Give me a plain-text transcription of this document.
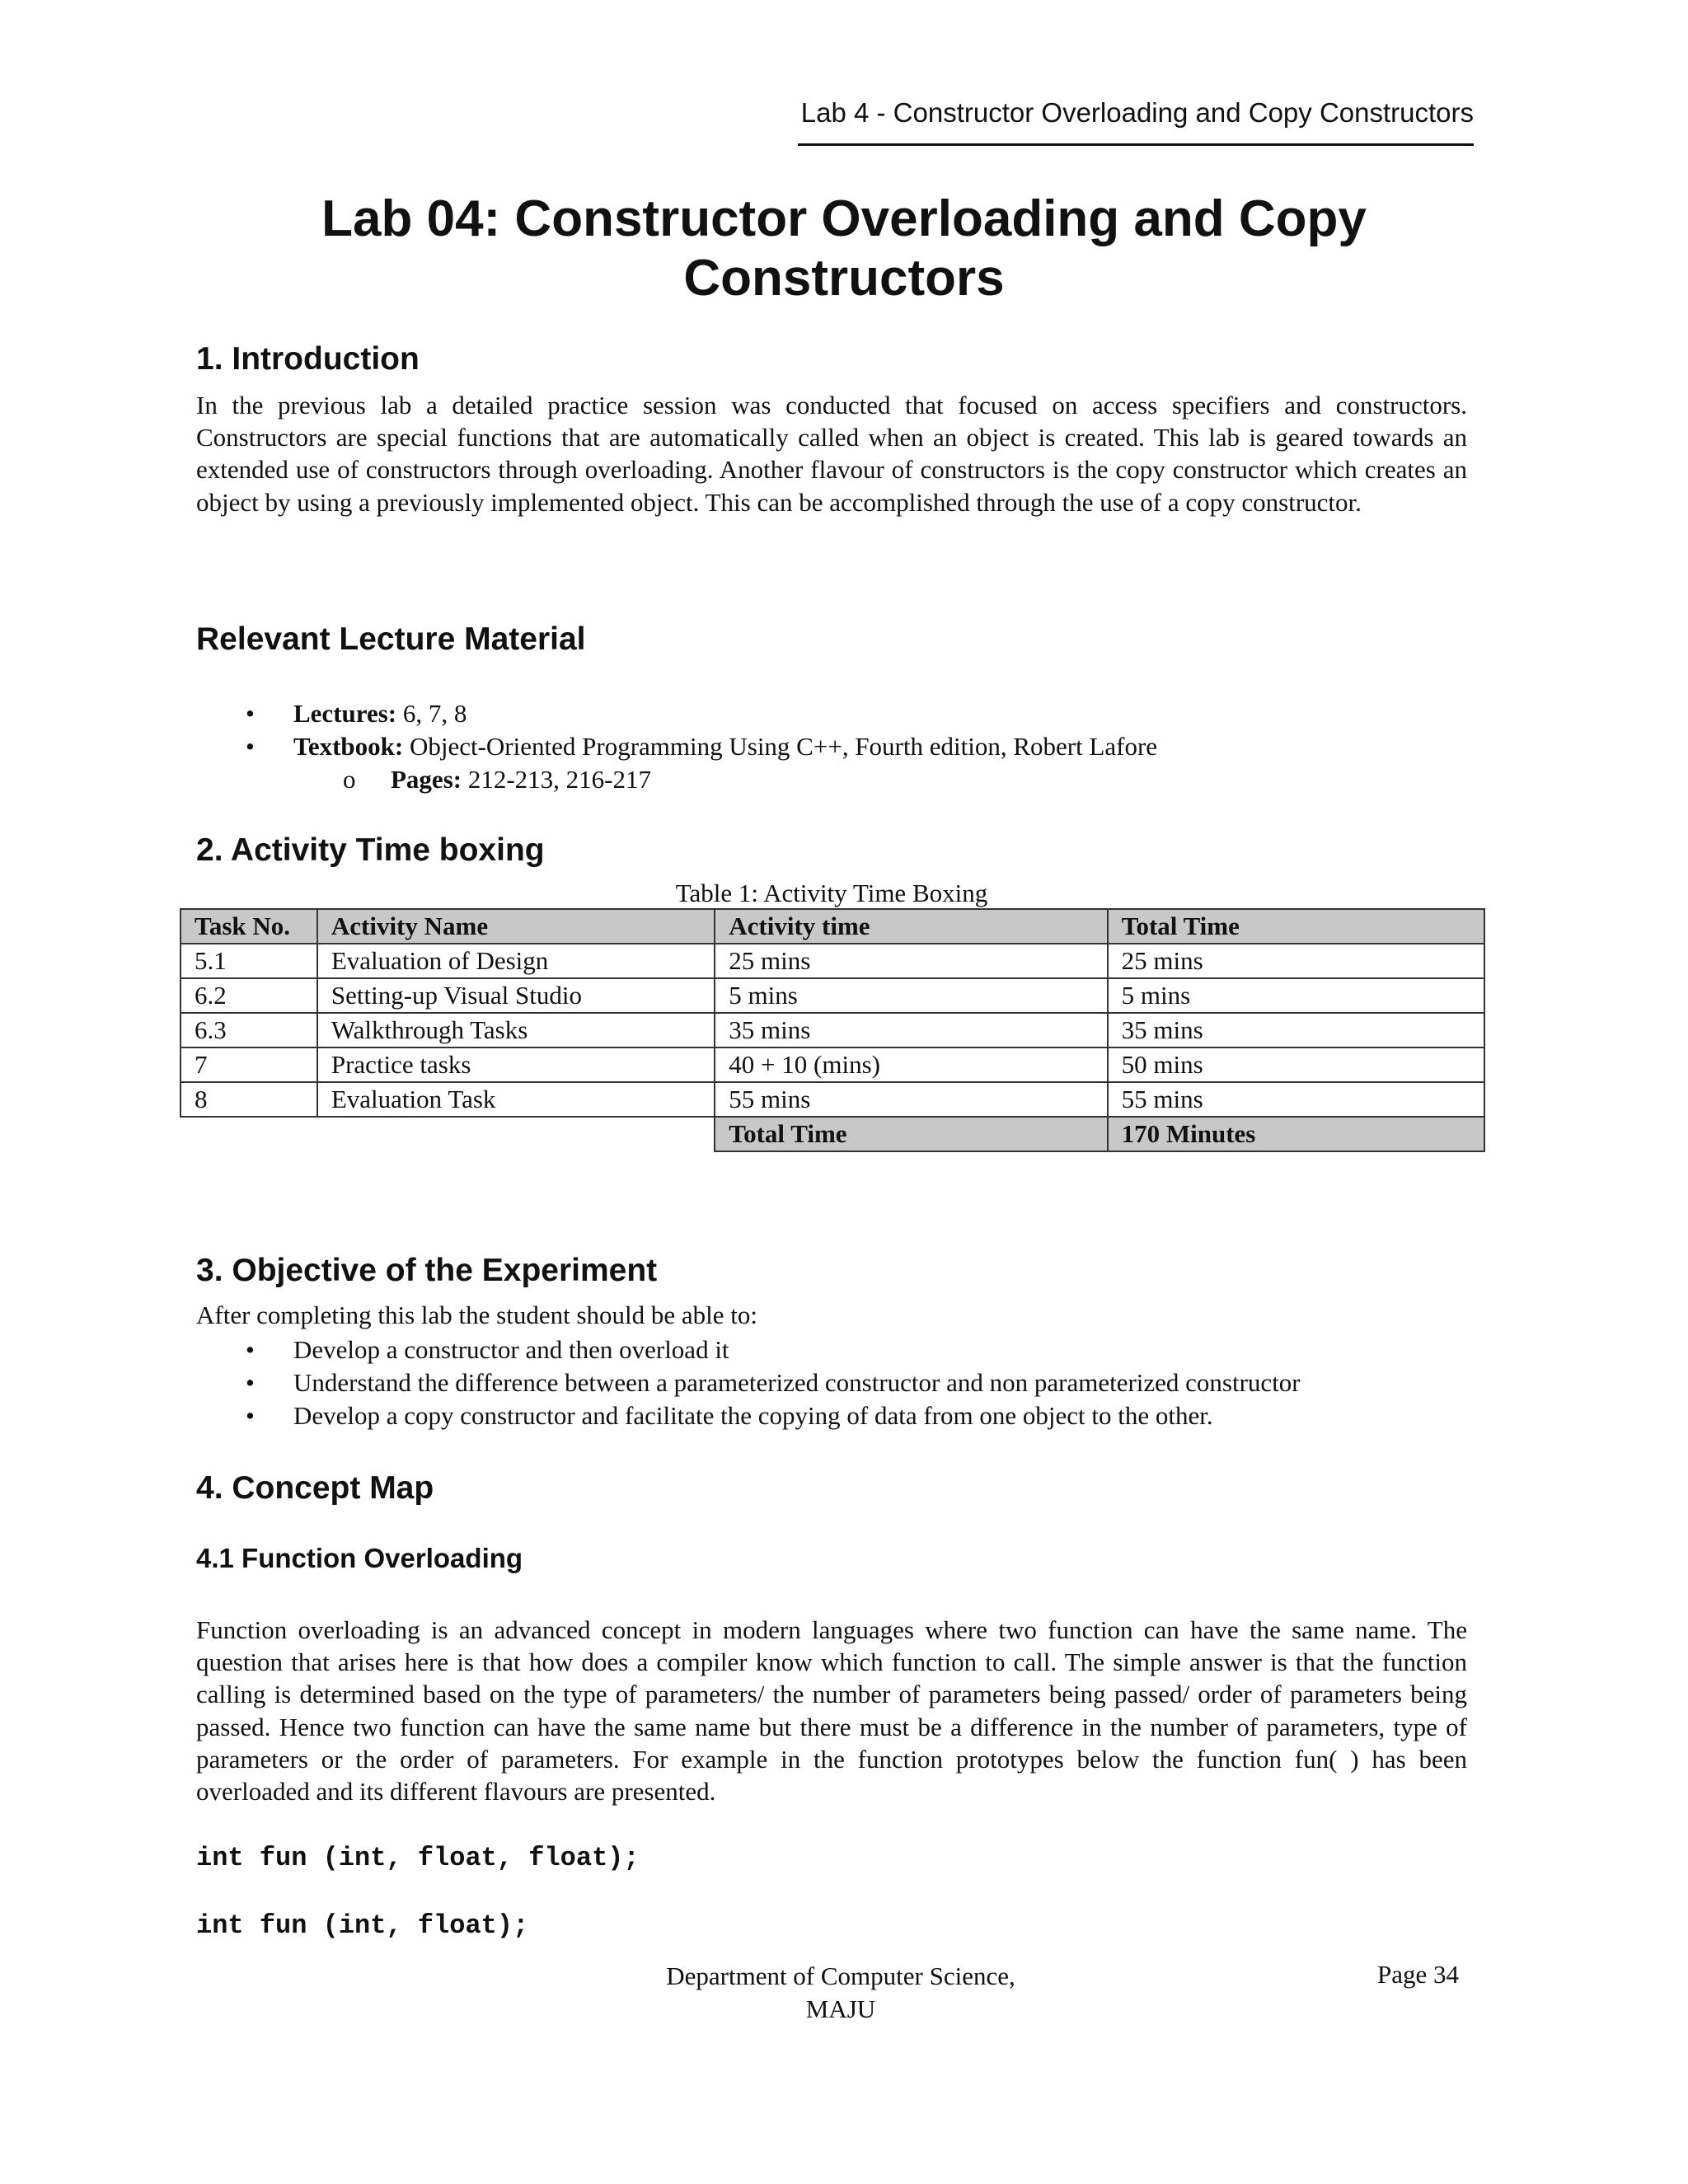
Lab 4 - Constructor Overloading and Copy Constructors
Lab 04: Constructor Overloading and Copy
Constructors
1. Introduction
In the previous lab a detailed practice session was conducted that focused on access specifiers and constructors. Constructors are special functions that are automatically called when an object is created. This lab is geared towards an extended use of constructors through overloading. Another flavour of constructors is the copy constructor which creates an object by using a previously implemented object. This can be accomplished through the use of a copy constructor.
Relevant Lecture Material
• Lectures: 6, 7, 8
• Textbook: Object-Oriented Programming Using C++, Fourth edition, Robert Lafore
o Pages: 212-213, 216-217
2. Activity Time boxing
Table 1: Activity Time Boxing
Task No.	Activity Name	Activity time	Total Time
5.1	Evaluation of Design	25 mins	25 mins
6.2	Setting-up Visual Studio	5 mins	5 mins
6.3	Walkthrough Tasks	35 mins	35 mins
7	Practice tasks	40 + 10 (mins)	50 mins
8	Evaluation Task	55 mins	55 mins
		Total Time	170 Minutes
3. Objective of the Experiment
After completing this lab the student should be able to:
• Develop a constructor and then overload it
• Understand the difference between a parameterized constructor and non parameterized constructor
• Develop a copy constructor and facilitate the copying of data from one object to the other.
4. Concept Map
4.1 Function Overloading
Function overloading is an advanced concept in modern languages where two function can have the same name. The question that arises here is that how does a compiler know which function to call. The simple answer is that the function calling is determined based on the type of parameters/ the number of parameters being passed/ order of parameters being passed. Hence two function can have the same name but there must be a difference in the number of parameters, type of parameters or the order of parameters. For example in the function prototypes below the function fun( ) has been overloaded and its different flavours are presented.
int fun (int, float, float);
int fun (int, float);
Department of Computer Science,
MAJU
Page 34
